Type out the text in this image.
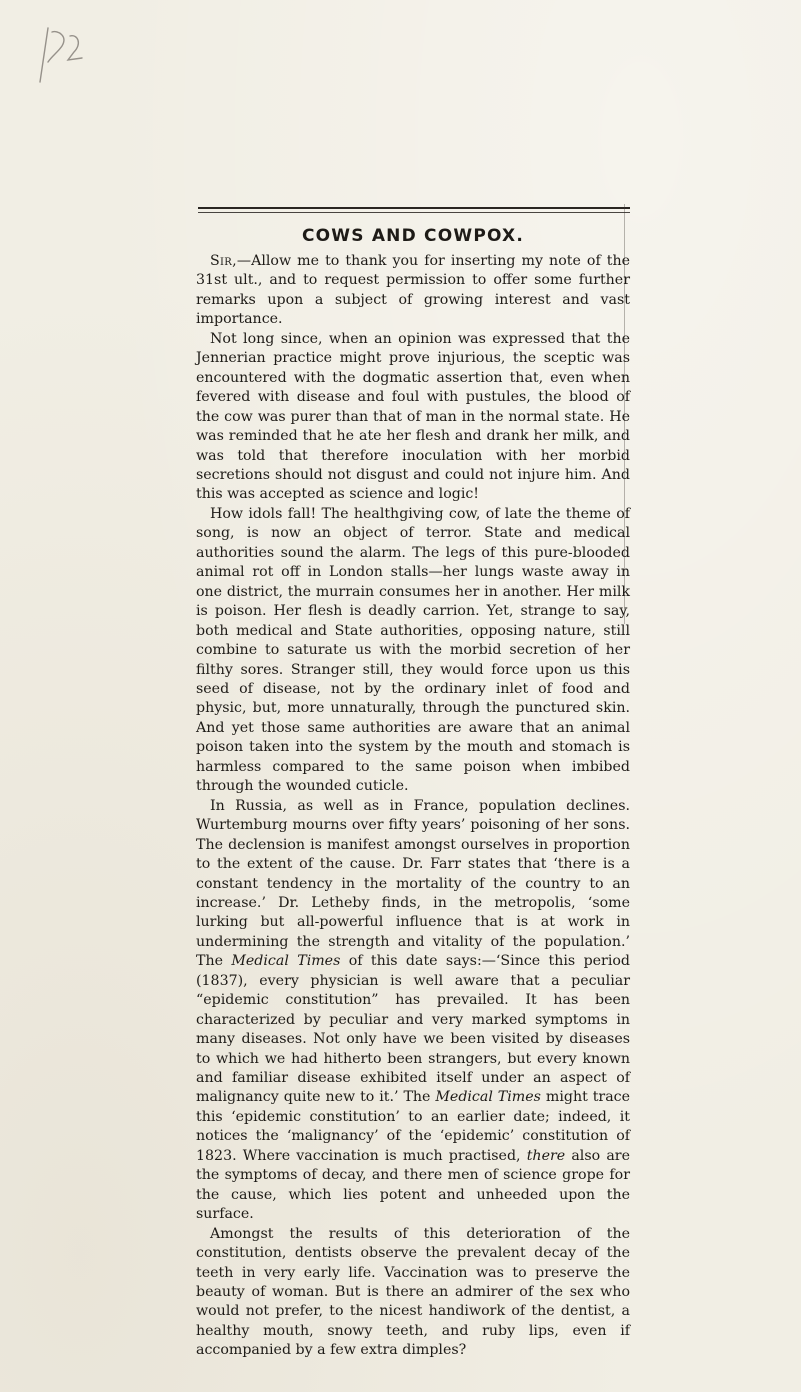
COWS AND COWPOX.

Sir,—Allow me to thank you for inserting my note of the 31st ult., and to request permission to offer some further remarks upon a subject of growing interest and vast importance.

Not long since, when an opinion was expressed that the Jennerian practice might prove injurious, the sceptic was encountered with the dogmatic assertion that, even when fevered with disease and foul with pustules, the blood of the cow was purer than that of man in the normal state. He was reminded that he ate her flesh and drank her milk, and was told that therefore inoculation with her morbid secretions should not disgust and could not injure him. And this was accepted as science and logic!

How idols fall! The healthgiving cow, of late the theme of song, is now an object of terror. State and medical authorities sound the alarm. The legs of this pure-blooded animal rot off in London stalls—her lungs waste away in one district, the murrain consumes her in another. Her milk is poison. Her flesh is deadly carrion. Yet, strange to say, both medical and State authorities, opposing nature, still combine to saturate us with the morbid secretion of her filthy sores. Stranger still, they would force upon us this seed of disease, not by the ordinary inlet of food and physic, but, more unnaturally, through the punctured skin. And yet those same authorities are aware that an animal poison taken into the system by the mouth and stomach is harmless compared to the same poison when imbibed through the wounded cuticle.

In Russia, as well as in France, population declines. Wurtemburg mourns over fifty years’ poisoning of her sons. The declension is manifest amongst ourselves in proportion to the extent of the cause. Dr. Farr states that ‘there is a constant tendency in the mortality of the country to an increase.’ Dr. Letheby finds, in the metropolis, ‘some lurking but all-powerful influence that is at work in undermining the strength and vitality of the population.’ The Medical Times of this date says:—‘Since this period (1837), every physician is well aware that a peculiar “epidemic constitution” has prevailed. It has been characterized by peculiar and very marked symptoms in many diseases. Not only have we been visited by diseases to which we had hitherto been strangers, but every known and familiar disease exhibited itself under an aspect of malignancy quite new to it.’ The Medical Times might trace this ‘epidemic constitution’ to an earlier date; indeed, it notices the ‘malignancy’ of the ‘epidemic’ constitution of 1823. Where vaccination is much practised, there also are the symptoms of decay, and there men of science grope for the cause, which lies potent and unheeded upon the surface.

Amongst the results of this deterioration of the constitution, dentists observe the prevalent decay of the teeth in very early life. Vaccination was to preserve the beauty of woman. But is there an admirer of the sex who would not prefer, to the nicest handiwork of the dentist, a healthy mouth, snowy teeth, and ruby lips, even if accompanied by a few extra dimples?
